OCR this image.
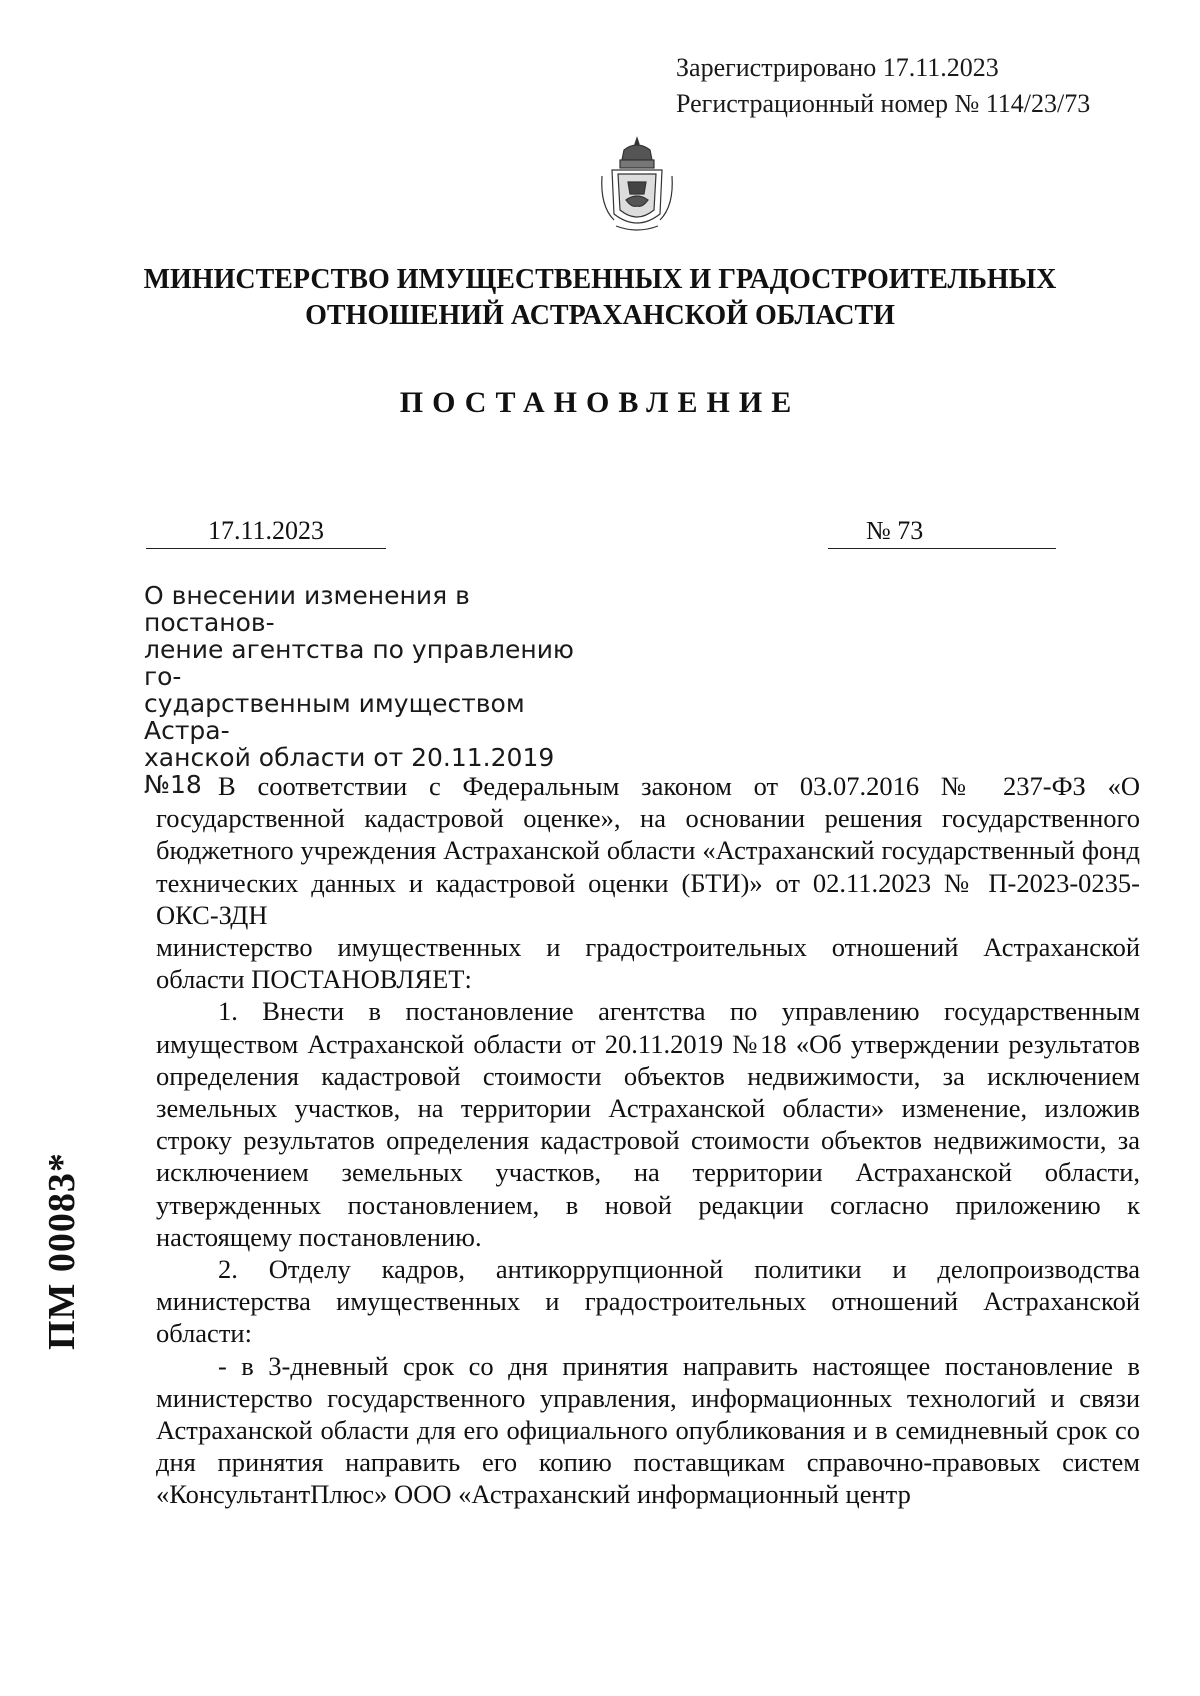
Зарегистрировано 17.11.2023
Регистрационный номер № 114/23/73
МИНИСТЕРСТВО ИМУЩЕСТВЕННЫХ И ГРАДОСТРОИТЕЛЬНЫХ
ОТНОШЕНИЙ АСТРАХАНСКОЙ ОБЛАСТИ
ПОСТАНОВЛЕНИЕ
17.11.2023	№ 73
О внесении изменения в постанов-
ление агентства по управлению го-
сударственным имуществом Астра-
ханской области от 20.11.2019 №18 В соответствии с Федеральным законом от 03.07.2016 № 237-ФЗ «О государственной кадастровой оценке», на основании решения государственного бюджетного учреждения Астраханской области «Астраханский государственный фонд технических данных и кадастровой оценки (БТИ)» от 02.11.2023 № П-2023-0235-ОКС-ЗДН

министерство имущественных и градостроительных отношений Астраханской области ПОСТАНОВЛЯЕТ:

1. Внести в постановление агентства по управлению государственным имуществом Астраханской области от 20.11.2019 №18 «Об утверждении результатов определения кадастровой стоимости объектов недвижимости, за исключением земельных участков, на территории Астраханской области» изменение, изложив строку результатов определения кадастровой стоимости объектов недвижимости, за исключением земельных участков, на территории Астраханской области, утвержденных постановлением, в новой редакции согласно приложению к настоящему постановлению.

2. Отделу кадров, антикоррупционной политики и делопроизводства министерства имущественных и градостроительных отношений Астраханской области:

- в 3-дневный срок со дня принятия направить настоящее постановление в министерство государственного управления, информационных технологий и связи Астраханской области для его официального опубликования и в семидневный срок со дня принятия направить его копию поставщикам справочно-правовых систем «КонсультантПлюс» ООО «Астраханский информационный центр

ПМ 00083*
